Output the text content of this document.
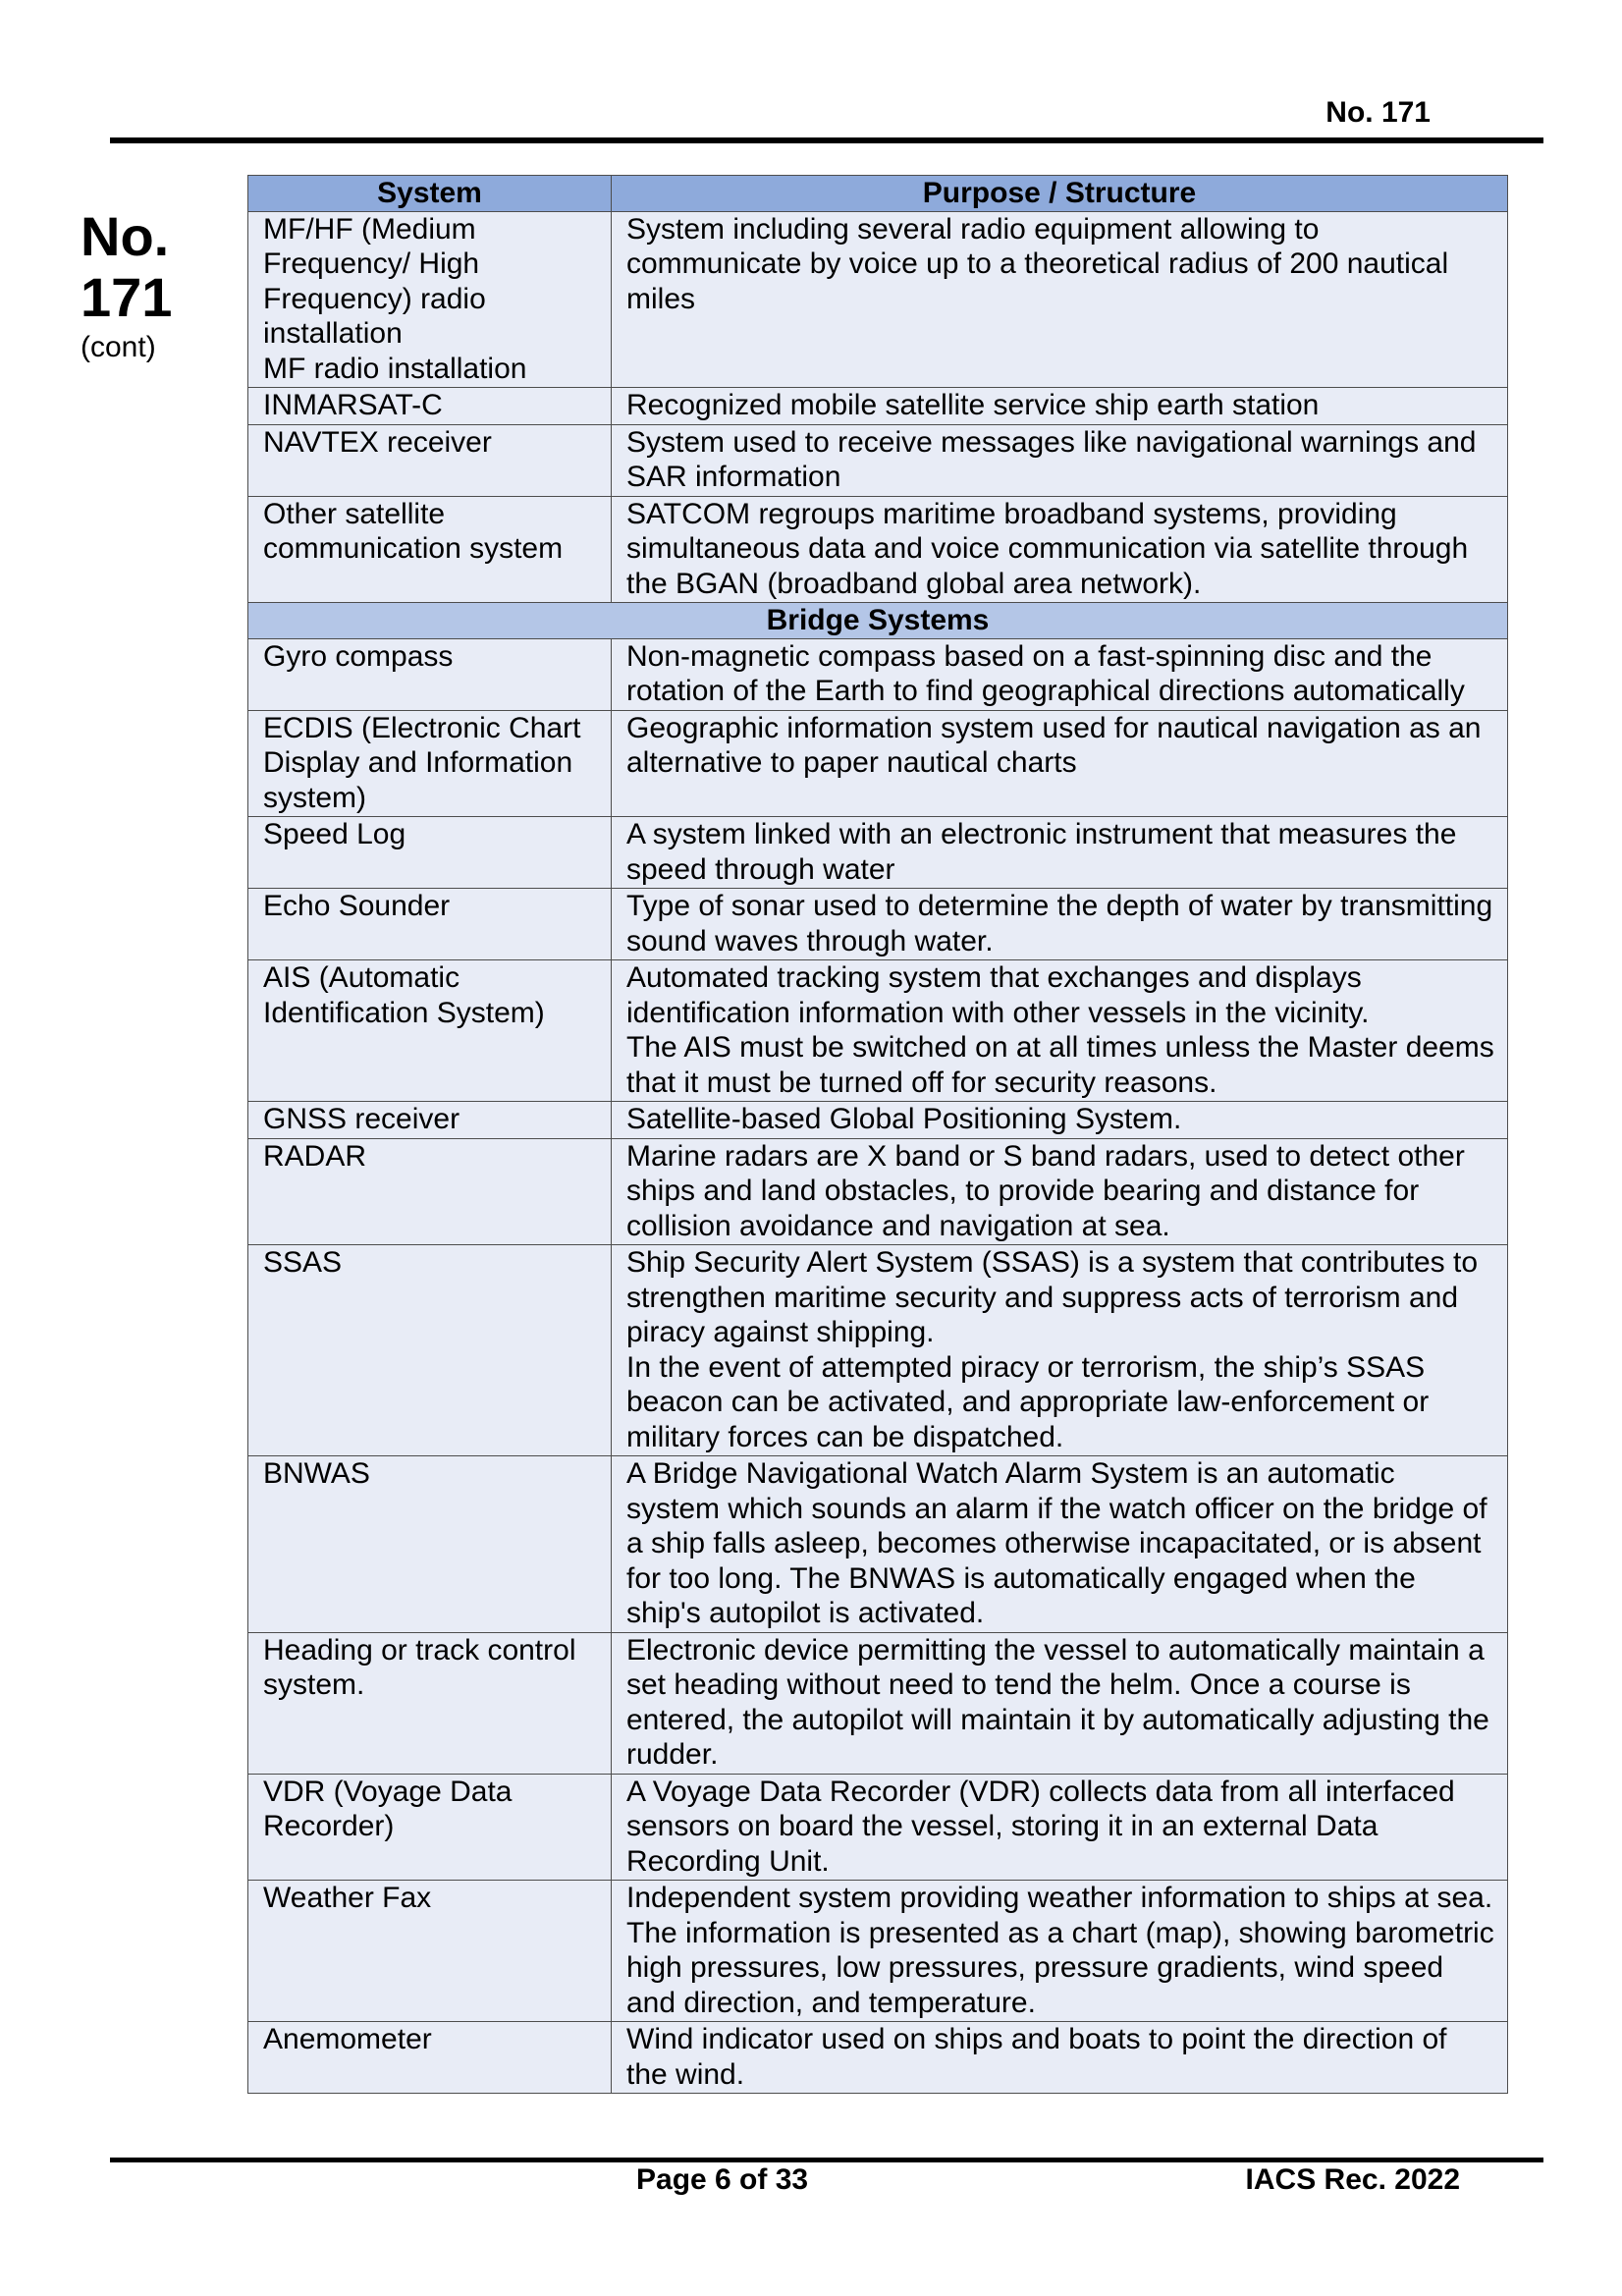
No. 171
No.
171
(cont)
System	Purpose / Structure

MF/HF (Medium
Frequency/ High
Frequency) radio
installation
MF radio installation	System including several radio equipment allowing to communicate by voice up to a theoretical radius of 200 nautical miles

INMARSAT-C	Recognized mobile satellite service ship earth station

NAVTEX receiver	System used to receive messages like navigational warnings and SAR information

Other satellite communication system	SATCOM regroups maritime broadband systems, providing simultaneous data and voice communication via satellite through the BGAN (broadband global area network).

Bridge Systems	

Gyro compass	Non-magnetic compass based on a fast-spinning disc and the rotation of the Earth to find geographical directions automatically

ECDIS (Electronic Chart Display and Information system)	Geographic information system used for nautical navigation as an alternative to paper nautical charts

Speed Log	A system linked with an electronic instrument that measures the speed through water

Echo Sounder	Type of sonar used to determine the depth of water by transmitting sound waves through water.

AIS (Automatic Identification System)	Automated tracking system that exchanges and displays identification information with other vessels in the vicinity.
The AIS must be switched on at all times unless the Master deems that it must be turned off for security reasons.

GNSS receiver	Satellite-based Global Positioning System.

RADAR	Marine radars are X band or S band radars, used to detect other ships and land obstacles, to provide bearing and distance for collision avoidance and navigation at sea.

SSAS	Ship Security Alert System (SSAS) is a system that contributes to strengthen maritime security and suppress acts of terrorism and piracy against shipping.
In the event of attempted piracy or terrorism, the ship’s SSAS beacon can be activated, and appropriate law-enforcement or military forces can be dispatched.

BNWAS	A Bridge Navigational Watch Alarm System is an automatic system which sounds an alarm if the watch officer on the bridge of a ship falls asleep, becomes otherwise incapacitated, or is absent for too long. The BNWAS is automatically engaged when the ship's autopilot is activated.

Heading or track control system.	Electronic device permitting the vessel to automatically maintain a set heading without need to tend the helm. Once a course is entered, the autopilot will maintain it by automatically adjusting the rudder.

VDR (Voyage Data Recorder)	A Voyage Data Recorder (VDR) collects data from all interfaced sensors on board the vessel, storing it in an external Data Recording Unit.

Weather Fax	Independent system providing weather information to ships at sea. The information is presented as a chart (map), showing barometric high pressures, low pressures, pressure gradients, wind speed and direction, and temperature.

Anemometer	Wind indicator used on ships and boats to point the direction of the wind.
Page 6 of 33	IACS Rec. 2022
